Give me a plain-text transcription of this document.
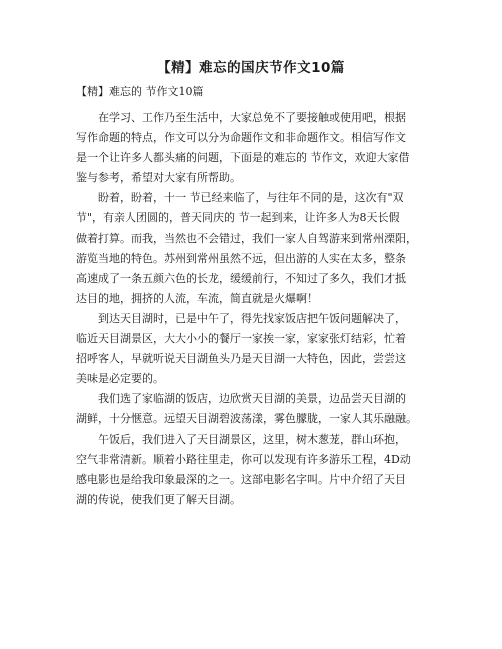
【精】难忘的国庆节作文10篇
【精】难忘的 节作文10篇
在学习、工作乃至生活中，大家总免不了要接触或使用吧，根据
写作命题的特点，作文可以分为命题作文和非命题作文。相信写作文
是一个让许多人都头痛的问题，下面是的难忘的 节作文，欢迎大家借
鉴与参考，希望对大家有所帮助。
盼着，盼着，十一 节已经来临了，与往年不同的是，这次有"双
节"，有亲人团圆的，普天同庆的 节一起到来，让许多人为8天长假
做着打算。而我，当然也不会错过，我们一家人自驾游来到常州溧阳，
游览当地的特色。苏州到常州虽然不远，但出游的人实在太多，整条
高速成了一条五颜六色的长龙，缓缓前行，不知过了多久，我们才抵
达目的地，拥挤的人流，车流，简直就是火爆啊！
到达天目湖时，已是中午了，得先找家饭店把午饭问题解决了，
临近天目湖景区，大大小小的餐厅一家挨一家，家家张灯结彩，忙着
招呼客人，早就听说天目湖鱼头乃是天目湖一大特色，因此，尝尝这
美味是必定要的。
我们选了家临湖的饭店，边欣赏天目湖的美景，边品尝天目湖的
湖鲜，十分惬意。远望天目湖碧波荡漾，雾色朦胧，一家人其乐融融。
午饭后，我们进入了天目湖景区，这里，树木葱茏，群山环抱，
空气非常清新。顺着小路往里走，你可以发现有许多游乐工程，4D动
感电影也是给我印象最深的之一。这部电影名字叫。片中介绍了天目
湖的传说，使我们更了解天目湖。
